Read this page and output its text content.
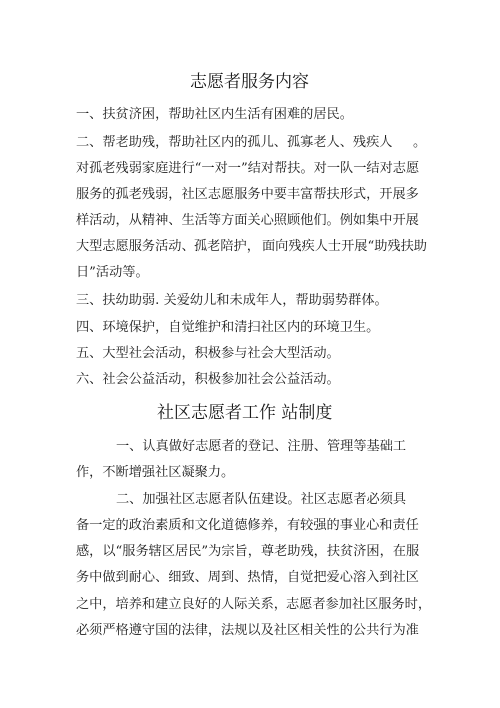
志愿者服务内容
一、扶贫济困，帮助社区内生活有困难的居民。
二、帮老助残，帮助社区内的孤儿、孤寡老人、残疾人 。
对孤老残弱家庭进行“一对一”结对帮扶。对一队一结对志愿
服务的孤老残弱，社区志愿服务中要丰富帮扶形式，开展多
样活动，从精神、生活等方面关心照顾他们。例如集中开展
大型志愿服务活动、 孤老陪护， 面向残疾人士开展“助残扶助
日”活动等。
三、扶幼助弱. 关爱幼儿和未成年人，帮助弱势群体。
四、环境保护，自觉维护和清扫社区内的环境卫生。
五、大型社会活动，积极参与社会大型活动。
六、社会公益活动，积极参加社会公益活动。
社区志愿者工作 站制度
一、认真做好志愿者的登记、注册、管理等基础工
作，不断增强社区凝聚力。
二、加强社区志愿者队伍建设。社区志愿者必须具
备一定的政治素质和文化道德修养，有较强的事业心和责任
感，以“服务辖区居民”为宗旨，尊老助残，扶贫济困，在服
务中做到耐心、细致、周到、热情，自觉把爱心溶入到社区
之中，培养和建立良好的人际关系， 志愿者参加社区服务时，
必须严格遵守国的法律，法规以及社区相关性的公共行为准
